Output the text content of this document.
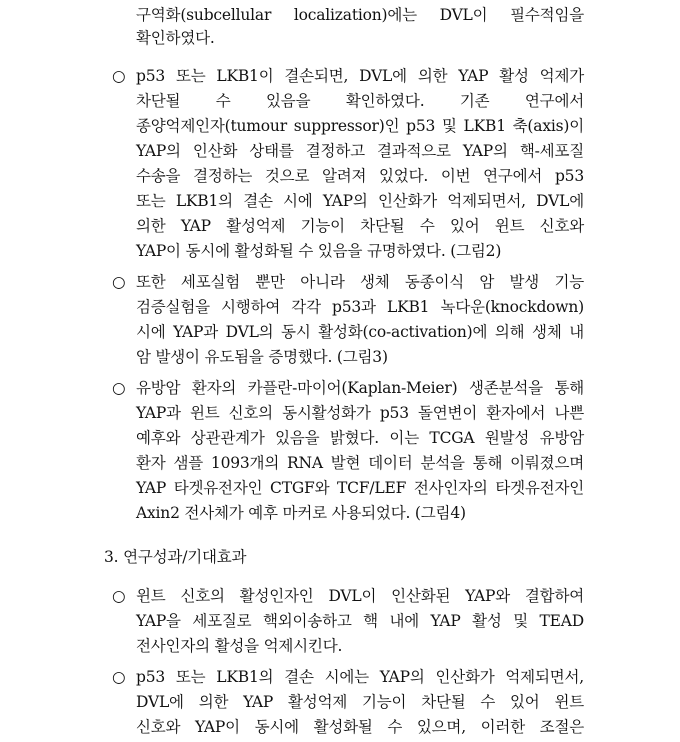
구역화(subcellular localization)에는 DVL이 필수적임을
확인하였다.
○ p53 또는 LKB1이 결손되면, DVL에 의한 YAP 활성 억제가
차단될 수 있음을 확인하였다. 기존 연구에서
종양억제인자(tumour suppressor)인 p53 및 LKB1 축(axis)이
YAP의 인산화 상태를 결정하고 결과적으로 YAP의 핵-세포질
수송을 결정하는 것으로 알려져 있었다. 이번 연구에서 p53
또는 LKB1의 결손 시에 YAP의 인산화가 억제되면서, DVL에
의한 YAP 활성억제 기능이 차단될 수 있어 윈트 신호와
YAP이 동시에 활성화될 수 있음을 규명하였다. (그림2)
○ 또한 세포실험 뿐만 아니라 생체 동종이식 암 발생 기능
검증실험을 시행하여 각각 p53과 LKB1 녹다운(knockdown)
시에 YAP과 DVL의 동시 활성화(co-activation)에 의해 생체 내
암 발생이 유도됨을 증명했다. (그림3)
○ 유방암 환자의 카플란-마이어(Kaplan-Meier) 생존분석을 통해
YAP과 윈트 신호의 동시활성화가 p53 돌연변이 환자에서 나쁜
예후와 상관관계가 있음을 밝혔다. 이는 TCGA 원발성 유방암
환자 샘플 1093개의 RNA 발현 데이터 분석을 통해 이뤄졌으며
YAP 타겟유전자인 CTGF와 TCF/LEF 전사인자의 타겟유전자인
Axin2 전사체가 예후 마커로 사용되었다. (그림4)
3. 연구성과/기대효과
○ 윈트 신호의 활성인자인 DVL이 인산화된 YAP와 결합하여
YAP을 세포질로 핵외이송하고 핵 내에 YAP 활성 및 TEAD
전사인자의 활성을 억제시킨다.
○ p53 또는 LKB1의 결손 시에는 YAP의 인산화가 억제되면서,
DVL에 의한 YAP 활성억제 기능이 차단될 수 있어 윈트
신호와 YAP이 동시에 활성화될 수 있으며, 이러한 조절은
